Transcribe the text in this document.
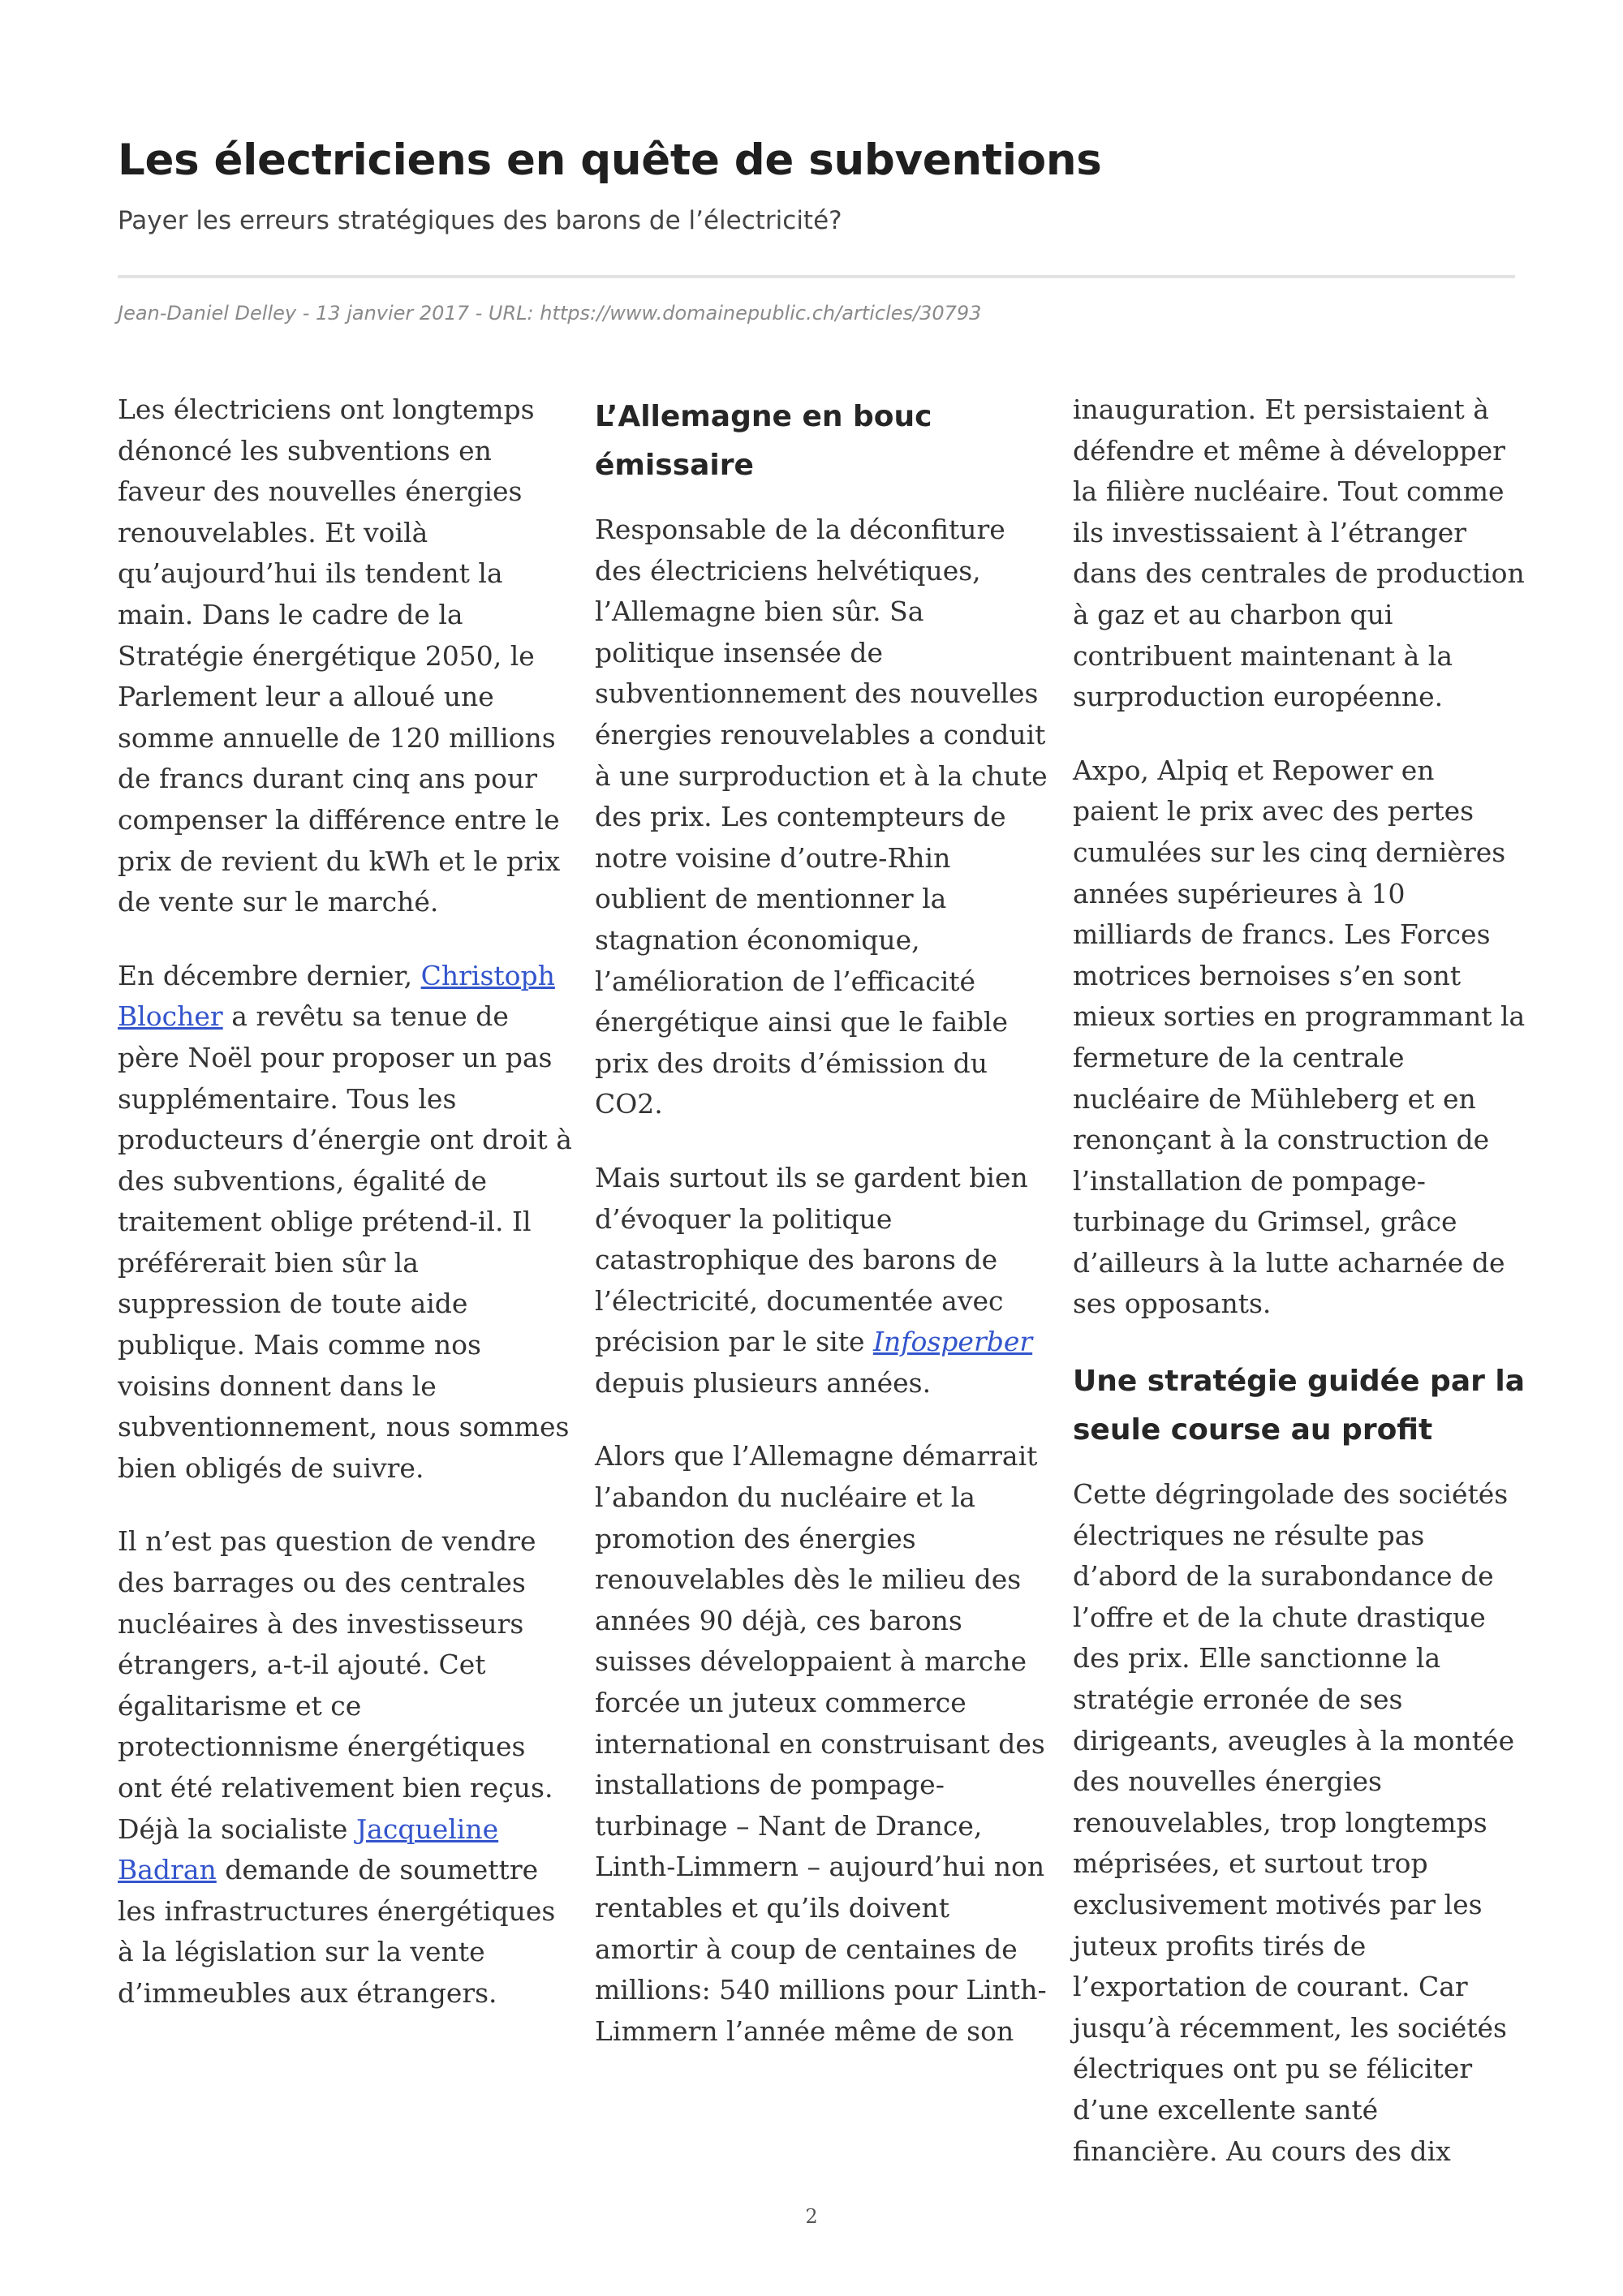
Les électriciens en quête de subventions

Payer les erreurs stratégiques des barons de l’électricité?

Jean-Daniel Delley - 13 janvier 2017 - URL: https://www.domainepublic.ch/articles/30793

Les électriciens ont longtemps dénoncé les subventions en faveur des nouvelles énergies renouvelables. Et voilà qu’aujourd’hui ils tendent la main. Dans le cadre de la Stratégie énergétique 2050, le Parlement leur a alloué une somme annuelle de 120 millions de francs durant cinq ans pour compenser la différence entre le prix de revient du kWh et le prix de vente sur le marché.

En décembre dernier, Christoph Blocher a revêtu sa tenue de père Noël pour proposer un pas supplémentaire. Tous les producteurs d’énergie ont droit à des subventions, égalité de traitement oblige prétend-il. Il préférerait bien sûr la suppression de toute aide publique. Mais comme nos voisins donnent dans le subventionnement, nous sommes bien obligés de suivre.

Il n’est pas question de vendre des barrages ou des centrales nucléaires à des investisseurs étrangers, a-t-il ajouté. Cet égalitarisme et ce protectionnisme énergétiques ont été relativement bien reçus. Déjà la socialiste Jacqueline Badran demande de soumettre les infrastructures énergétiques à la législation sur la vente d’immeubles aux étrangers.

L’Allemagne en bouc émissaire

Responsable de la déconfiture des électriciens helvétiques, l’Allemagne bien sûr. Sa politique insensée de subventionnement des nouvelles énergies renouvelables a conduit à une surproduction et à la chute des prix. Les contempteurs de notre voisine d’outre-Rhin oublient de mentionner la stagnation économique, l’amélioration de l’efficacité énergétique ainsi que le faible prix des droits d’émission du CO2.

Mais surtout ils se gardent bien d’évoquer la politique catastrophique des barons de l’électricité, documentée avec précision par le site Infosperber depuis plusieurs années.

Alors que l’Allemagne démarrait l’abandon du nucléaire et la promotion des énergies renouvelables dès le milieu des années 90 déjà, ces barons suisses développaient à marche forcée un juteux commerce international en construisant des installations de pompage-turbinage – Nant de Drance, Linth-Limmern – aujourd’hui non rentables et qu’ils doivent amortir à coup de centaines de millions: 540 millions pour Linth-Limmern l’année même de son

inauguration. Et persistaient à défendre et même à développer la filière nucléaire. Tout comme ils investissaient à l’étranger dans des centrales de production à gaz et au charbon qui contribuent maintenant à la surproduction européenne.

Axpo, Alpiq et Repower en paient le prix avec des pertes cumulées sur les cinq dernières années supérieures à 10 milliards de francs. Les Forces motrices bernoises s’en sont mieux sorties en programmant la fermeture de la centrale nucléaire de Mühleberg et en renonçant à la construction de l’installation de pompage-turbinage du Grimsel, grâce d’ailleurs à la lutte acharnée de ses opposants.

Une stratégie guidée par la seule course au profit

Cette dégringolade des sociétés électriques ne résulte pas d’abord de la surabondance de l’offre et de la chute drastique des prix. Elle sanctionne la stratégie erronée de ses dirigeants, aveugles à la montée des nouvelles énergies renouvelables, trop longtemps méprisées, et surtout trop exclusivement motivés par les juteux profits tirés de l’exportation de courant. Car jusqu’à récemment, les sociétés électriques ont pu se féliciter d’une excellente santé financière. Au cours des dix

2
